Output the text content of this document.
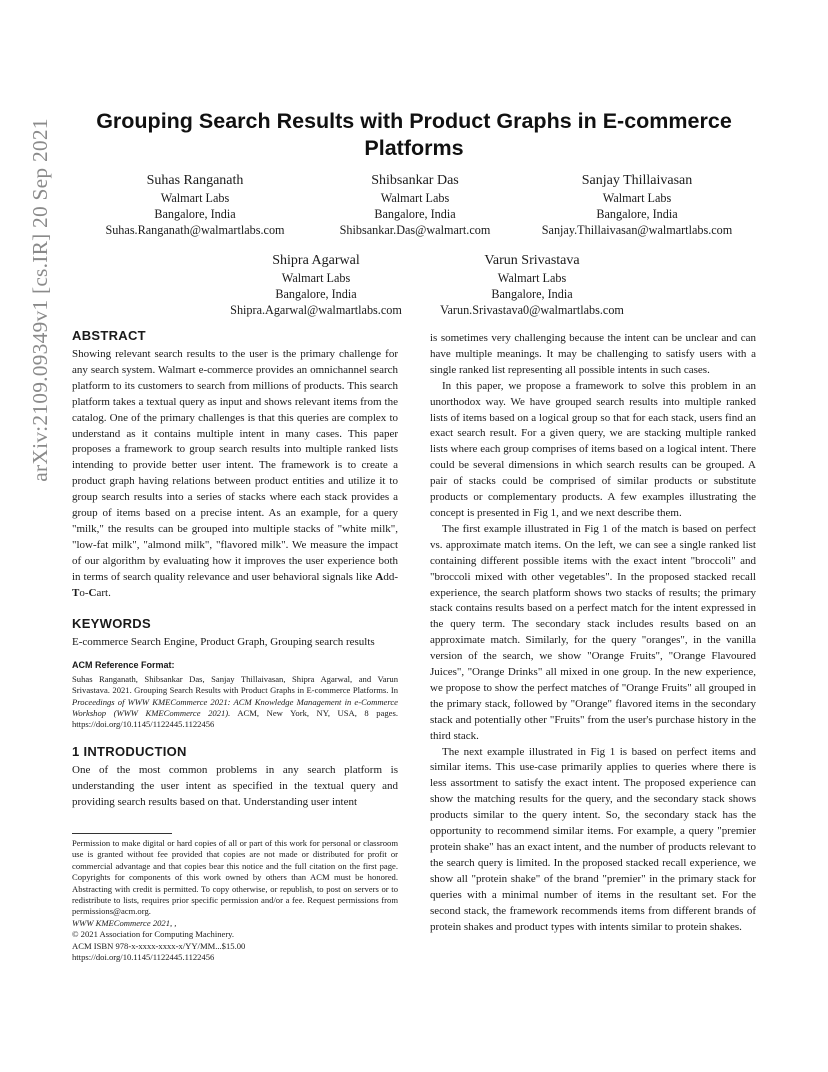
arXiv:2109.09349v1 [cs.IR] 20 Sep 2021	Grouping Search Results with Product Graphs in E-commerce Platforms
Suhas Ranganath
Walmart Labs
Bangalore, India
Suhas.Ranganath@walmartlabs.com
Shibsankar Das
Walmart Labs
Bangalore, India
Shibsankar.Das@walmart.com
Sanjay Thillaivasan
Walmart Labs
Bangalore, India
Sanjay.Thillaivasan@walmartlabs.com
Shipra Agarwal
Walmart Labs
Bangalore, India
Shipra.Agarwal@walmartlabs.com
Varun Srivastava
Walmart Labs
Bangalore, India
Varun.Srivastava0@walmartlabs.com
ABSTRACT

Showing relevant search results to the user is the primary challenge for any search system. Walmart e-commerce provides an omnichannel search platform to its customers to search from millions of products. This search platform takes a textual query as input and shows relevant items from the catalog. One of the primary challenges is that this queries are complex to understand as it contains multiple intent in many cases. This paper proposes a framework to group search results into multiple ranked lists intending to provide better user intent. The framework is to create a product graph having relations between product entities and utilize it to group search results into a series of stacks where each stack provides a group of items based on a precise intent. As an example, for a query "milk," the results can be grouped into multiple stacks of "white milk", "low-fat milk", "almond milk", "flavored milk". We measure the impact of our algorithm by evaluating how it improves the user experience both in terms of search quality relevance and user behavioral signals like Add-To-Cart.

KEYWORDS
E-commerce Search Engine, Product Graph, Grouping search results
ACM Reference Format:

Suhas Ranganath, Shibsankar Das, Sanjay Thillaivasan, Shipra Agarwal, and Varun Srivastava. 2021. Grouping Search Results with Product Graphs in E-commerce Platforms. In Proceedings of WWW KMECommerce 2021: ACM Knowledge Management in e-Commerce Workshop (WWW KMECommerce 2021). ACM, New York, NY, USA, 8 pages. https://doi.org/10.1145/1122445.1122456

1 INTRODUCTION
One of the most common problems in any search platform is understanding the user intent as specified in the textual query and providing search results based on that. Understanding user intent

Permission to make digital or hard copies of all or part of this work for personal or classroom use is granted without fee provided that copies are not made or distributed for profit or commercial advantage and that copies bear this notice and the full citation on the first page. Copyrights for components of this work owned by others than ACM must be honored. Abstracting with credit is permitted. To copy otherwise, or republish, to post on servers or to redistribute to lists, requires prior specific permission and/or a fee. Request permissions from permissions@acm.org.

WWW KMECommerce 2021, ,

© 2021 Association for Computing Machinery.

ACM ISBN 978-x-xxxx-xxxx-x/YY/MM...$15.00

https://doi.org/10.1145/1122445.1122456

is sometimes very challenging because the intent can be unclear and can have multiple meanings. It may be challenging to satisfy users with a single ranked list representing all possible intents in such cases.

In this paper, we propose a framework to solve this problem in an unorthodox way. We have grouped search results into multiple ranked lists of items based on a logical group so that for each stack, users find an exact search result. For a given query, we are stacking multiple ranked lists where each group comprises of items based on a logical intent. There could be several dimensions in which search results can be grouped. A pair of stacks could be comprised of similar products or substitute products or complementary products. A few examples illustrating the concept is presented in Fig 1, and we next describe them.

The first example illustrated in Fig 1 of the match is based on perfect vs. approximate match items. On the left, we can see a single ranked list containing different possible items with the exact intent "broccoli" and "broccoli mixed with other vegetables". In the proposed stacked recall experience, the search platform shows two stacks of results; the primary stack contains results based on a perfect match for the intent expressed in the query term. The secondary stack includes results based on an approximate match. Similarly, for the query "oranges", in the vanilla version of the search, we show "Orange Fruits", "Orange Flavoured Juices", "Orange Drinks" all mixed in one group. In the new experience, we propose to show the perfect matches of "Orange Fruits" all grouped in the primary stack, followed by "Orange" flavored items in the secondary stack and potentially other "Fruits" from the user's purchase history in the third stack.

The next example illustrated in Fig 1 is based on perfect items and similar items. This use-case primarily applies to queries where there is less assortment to satisfy the exact intent. The proposed experience can show the matching results for the query, and the secondary stack shows products similar to the query intent. So, the secondary stack has the opportunity to recommend similar items. For example, a query "premier protein shake" has an exact intent, and the number of products relevant to the search query is limited. In the proposed stacked recall experience, we show all "protein shake" of the brand "premier" in the primary stack for queries with a minimal number of items in the resultant set. For the second stack, the framework recommends items from different brands of protein shakes and product types with intents similar to protein shakes.
